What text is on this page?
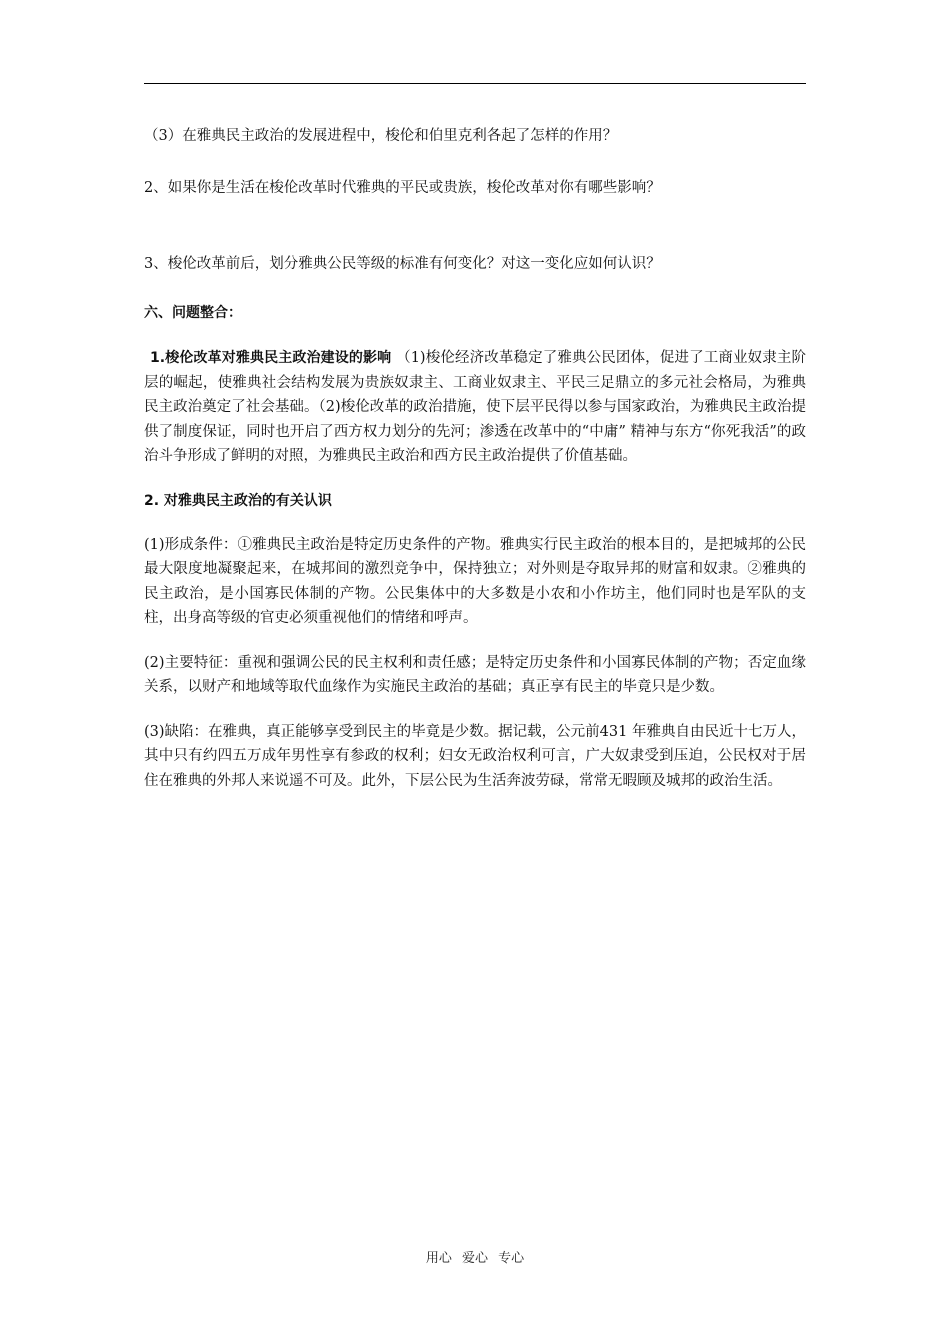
（3）在雅典民主政治的发展进程中，梭伦和伯里克利各起了怎样的作用？
2、如果你是生活在梭伦改革时代雅典的平民或贵族，梭伦改革对你有哪些影响？
3、梭伦改革前后，划分雅典公民等级的标准有何变化？对这一变化应如何认识？
六、问题整合：
1.梭伦改革对雅典民主政治建设的影响 （1)梭伦经济改革稳定了雅典公民团体，促进了工商业奴隶主阶层的崛起，使雅典社会结构发展为贵族奴隶主、工商业奴隶主、平民三足鼎立的多元社会格局，为雅典民主政治奠定了社会基础。（2)梭伦改革的政治措施，使下层平民得以参与国家政治，为雅典民主政治提供了制度保证，同时也开启了西方权力划分的先河；渗透在改革中的“中庸” 精神与东方“你死我活”的政治斗争形成了鲜明的对照，为雅典民主政治和西方民主政治提供了价值基础。
2. 对雅典民主政治的有关认识
(1)形成条件：①雅典民主政治是特定历史条件的产物。雅典实行民主政治的根本目的，是把城邦的公民最大限度地凝聚起来，在城邦间的激烈竞争中，保持独立；对外则是夺取异邦的财富和奴隶。②雅典的民主政治，是小国寡民体制的产物。公民集体中的大多数是小农和小作坊主，他们同时也是军队的支柱，出身高等级的官吏必须重视他们的情绪和呼声。
(2)主要特征：重视和强调公民的民主权利和责任感；是特定历史条件和小国寡民体制的产物；否定血缘关系，以财产和地域等取代血缘作为实施民主政治的基础；真正享有民主的毕竟只是少数。
(3)缺陷：在雅典，真正能够享受到民主的毕竟是少数。据记载，公元前431 年雅典自由民近十七万人，其中只有约四五万成年男性享有参政的权利；妇女无政治权利可言，广大奴隶受到压迫，公民权对于居住在雅典的外邦人来说遥不可及。此外，下层公民为生活奔波劳碌，常常无暇顾及城邦的政治生活。
用心 爱心 专心
